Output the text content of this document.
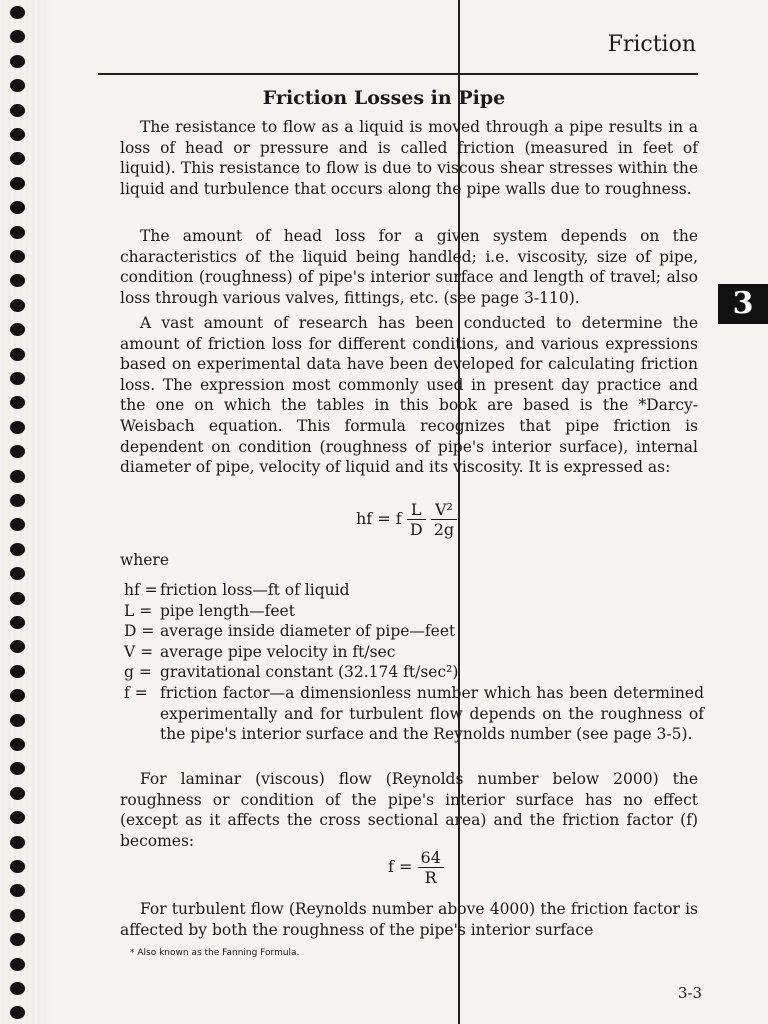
Friction
3
Friction Losses in Pipe
The resistance to flow as a liquid is moved through a pipe results in a loss of head or pressure and is called friction (measured in feet of liquid). This resistance to flow is due to viscous shear stresses within the liquid and turbulence that occurs along the pipe walls due to roughness.
The amount of head loss for a given system depends on the characteristics of the liquid being handled; i.e. viscosity, size of pipe, condition (roughness) of pipe's interior surface and length of travel; also loss through various valves, fittings, etc. (see page 3-110).
A vast amount of research has been conducted to determine the amount of friction loss for different conditions, and various expressions based on experimental data have been developed for calculating friction loss. The expression most commonly used in present day practice and the one on which the tables in this book are based is the *Darcy-Weisbach equation. This formula recognizes that pipe friction is dependent on condition (roughness of pipe's interior surface), internal diameter of pipe, velocity of liquid and its viscosity. It is expressed as:
hf = f $\frac{L}{D}$
$\frac{\text{V²}}{2g}$
where
hf = friction loss—ft of liquid
L = pipe length—feet
D = average inside diameter of pipe—feet
V = average pipe velocity in ft/sec
g = gravitational constant (32.174 ft/sec²)
f = friction factor—a dimensionless number which has been determined experimentally and for turbulent flow depends on the roughness of the pipe's interior surface and the Reynolds number (see page 3-5).
For laminar (viscous) flow (Reynolds number below 2000) the roughness or condition of the pipe's interior surface has no effect (except as it affects the cross sectional area) and the friction factor (f) becomes:
$f = \frac{64}{R}$
For turbulent flow (Reynolds number above 4000) the friction factor is affected by both the roughness of the pipe's interior surface
* Also known as the Fanning Formula.
3-3
